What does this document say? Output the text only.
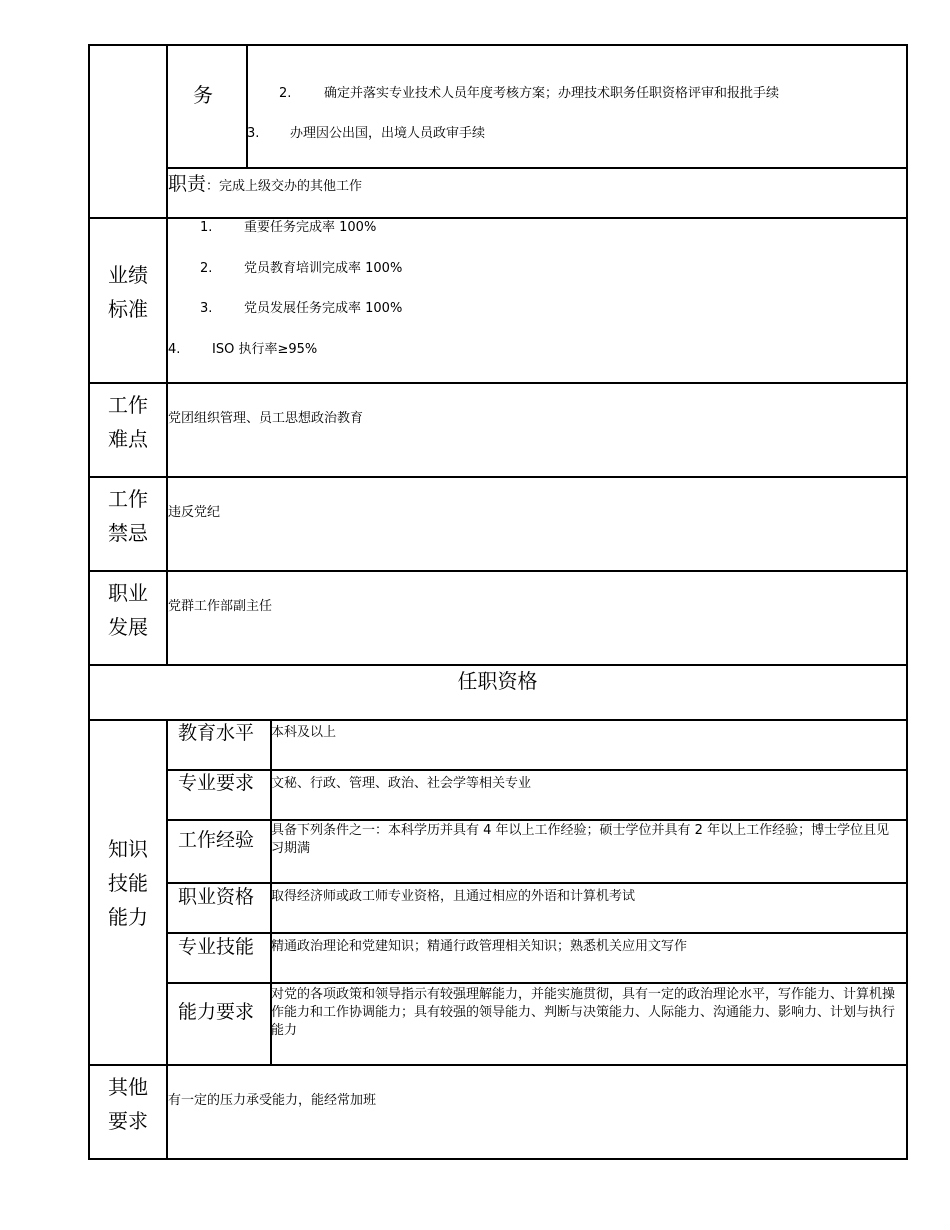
务	2.	确定并落实专业技术人员年度考核方案；办理技术职务任职资格评审和报批手续
3. 办理因公出国，出境人员政审手续
职责：完成上级交办的其他工作
业绩
标准
1. 重要任务完成率 100%
2. 党员教育培训完成率 100%
3. 党员发展任务完成率 100%
4. ISO 执行率≥95%
工作
难点
党团组织管理、员工思想政治教育
工作
禁忌
违反党纪
职业
发展
党群工作部副主任
任职资格
知识
技能
能力
教育水平 本科及以上
专业要求 文秘、行政、管理、政治、社会学等相关专业
工作经验 具备下列条件之一：本科学历并具有 4 年以上工作经验；硕士学位并具有 2 年以上工作经验；博士学位且见习期满
职业资格 取得经济师或政工师专业资格，且通过相应的外语和计算机考试
专业技能 精通政治理论和党建知识；精通行政管理相关知识；熟悉机关应用文写作
能力要求
对党的各项政策和领导指示有较强理解能力，并能实施贯彻，具有一定的政治理论水平，写作能力、计算机操作能力和工作协调能力；具有较强的领导能力、判断与决策能力、人际能力、沟通能力、影响力、计划与执行能力
其他
要求
有一定的压力承受能力，能经常加班
